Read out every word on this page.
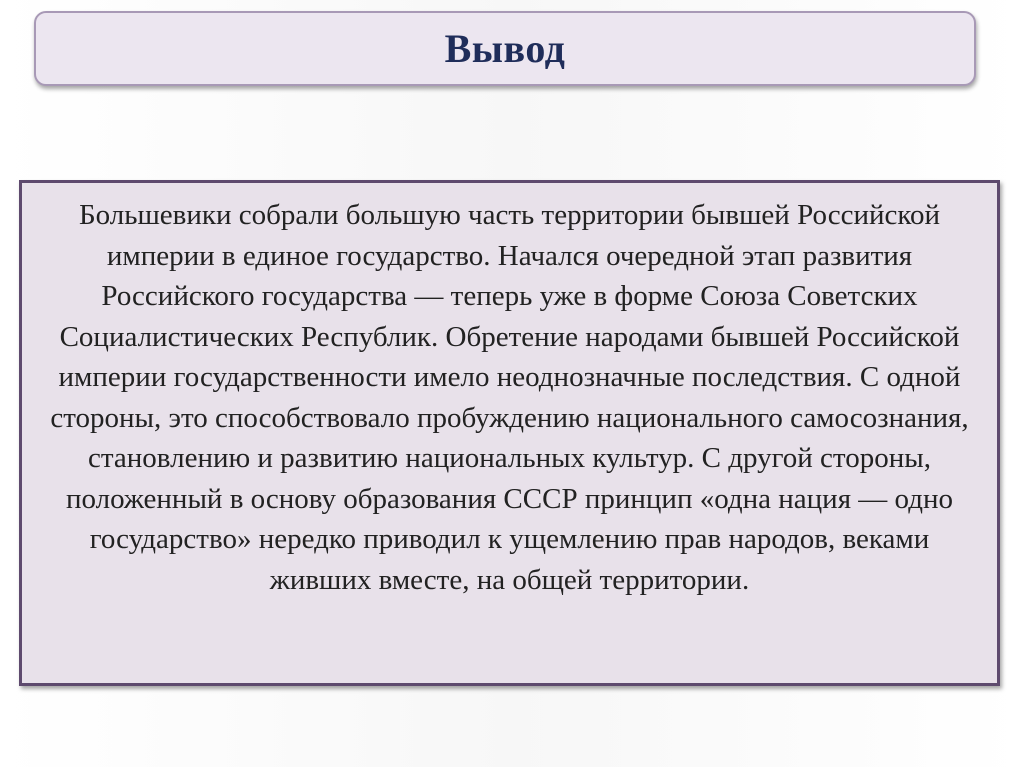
Вывод

Большевики собрали большую часть территории бывшей Российской империи в единое государство. Начался очередной этап развития Российского государства — теперь уже в форме Союза Советских Социалистических Республик. Обретение народами бывшей Российской империи государственности имело неоднозначные последствия. С одной стороны, это способствовало пробуждению национального самосознания, становлению и развитию национальных культур. С другой стороны, положенный в основу образования СССР принцип «одна нация — одно государство» нередко приводил к ущемлению прав народов, веками живших вместе, на общей территории.
